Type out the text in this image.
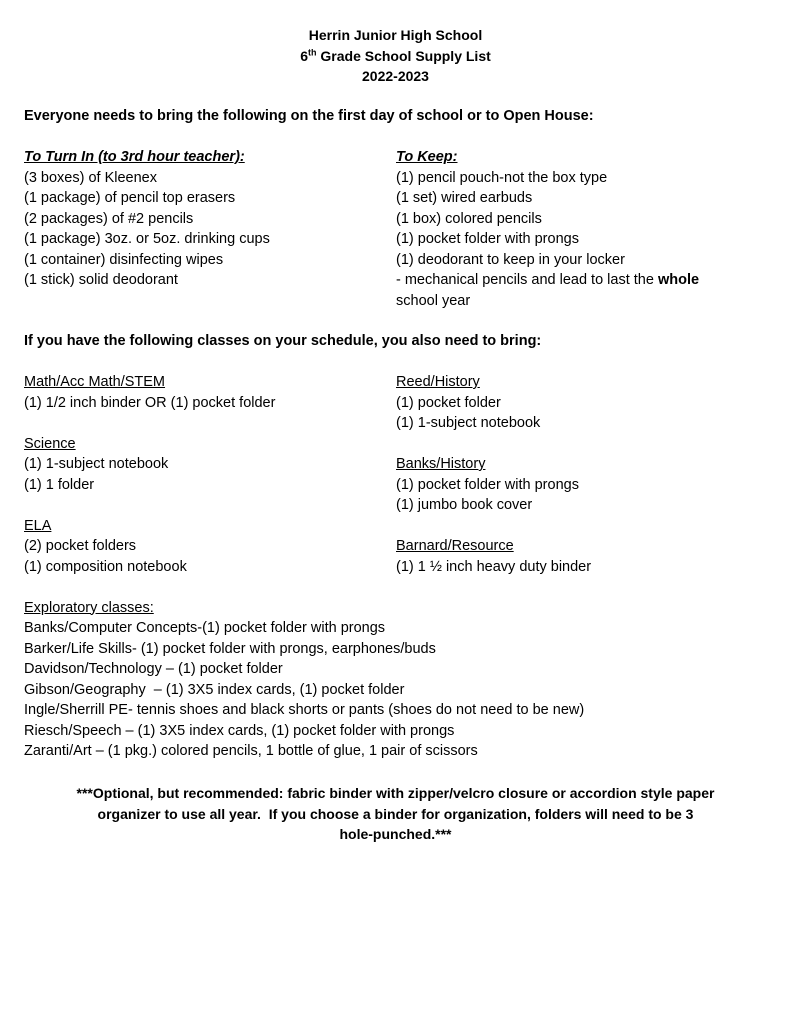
Herrin Junior High School
6th Grade School Supply List
2022-2023
Everyone needs to bring the following on the first day of school or to Open House:
To Turn In (to 3rd hour teacher):
(3 boxes) of Kleenex
(1 package) of pencil top erasers
(2 packages) of #2 pencils
(1 package) 3oz. or 5oz. drinking cups
(1 container) disinfecting wipes
(1 stick) solid deodorant
To Keep:
(1) pencil pouch-not the box type
(1 set) wired earbuds
(1 box) colored pencils
(1) pocket folder with prongs
(1) deodorant to keep in your locker
- mechanical pencils and lead to last the whole
school year
If you have the following classes on your schedule, you also need to bring:
Math/Acc Math/STEM
(1) 1/2 inch binder OR (1) pocket folder
Science
(1) 1-subject notebook
(1) 1 folder
ELA
(2) pocket folders
(1) composition notebook
Reed/History
(1) pocket folder
(1) 1-subject notebook
Banks/History
(1) pocket folder with prongs
(1) jumbo book cover
Barnard/Resource
(1) 1 ½ inch heavy duty binder
Exploratory classes:
Banks/Computer Concepts-(1) pocket folder with prongs
Barker/Life Skills- (1) pocket folder with prongs, earphones/buds
Davidson/Technology – (1) pocket folder
Gibson/Geography  – (1) 3X5 index cards, (1) pocket folder
Ingle/Sherrill PE- tennis shoes and black shorts or pants (shoes do not need to be new)
Riesch/Speech – (1) 3X5 index cards, (1) pocket folder with prongs
Zaranti/Art – (1 pkg.) colored pencils, 1 bottle of glue, 1 pair of scissors
***Optional, but recommended: fabric binder with zipper/velcro closure or accordion style paper
organizer to use all year.  If you choose a binder for organization, folders will need to be 3
hole-punched.***
